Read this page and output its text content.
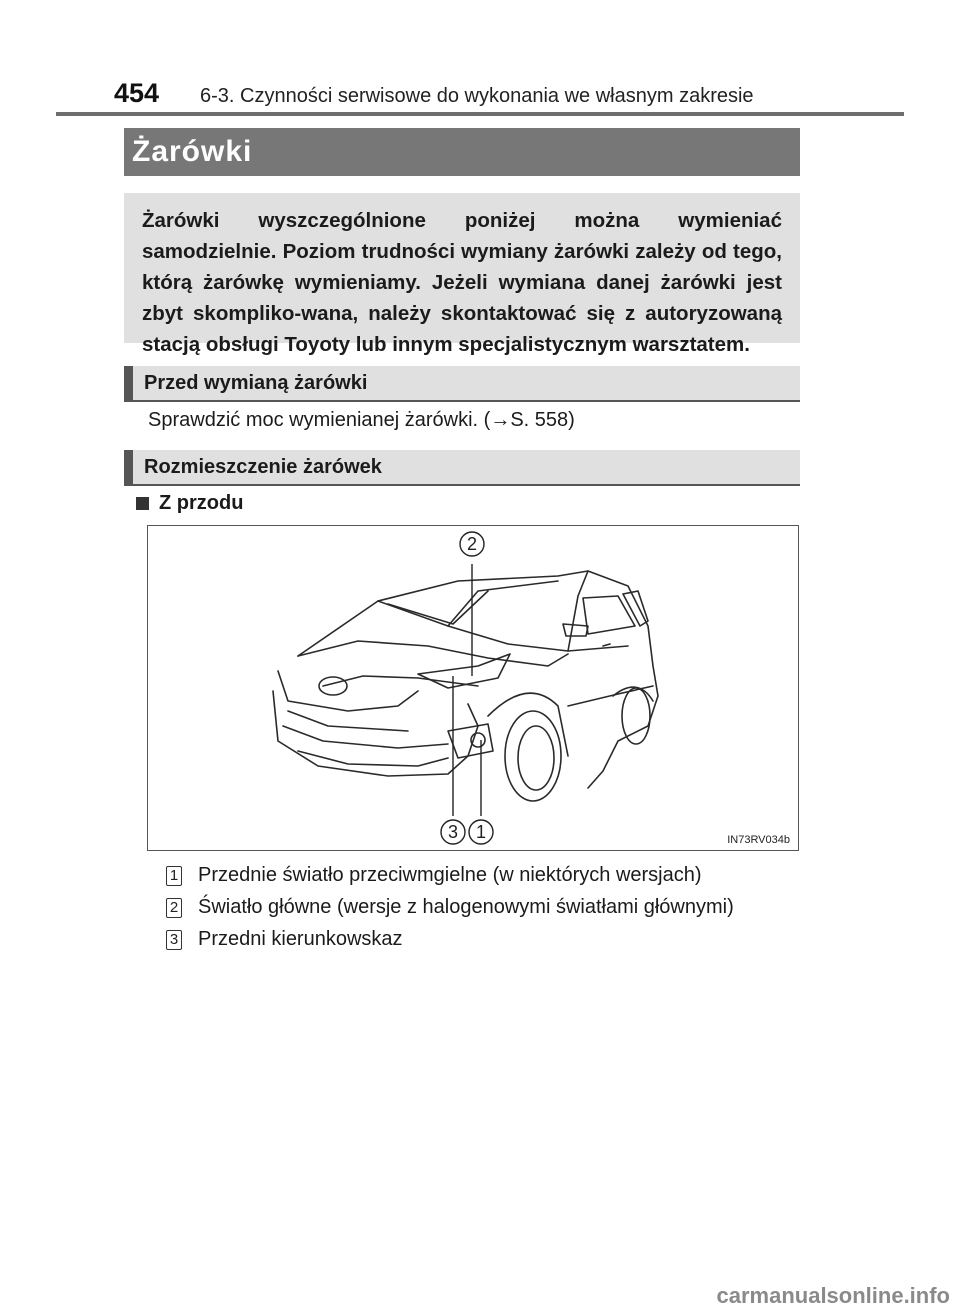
454 6-3. Czynności serwisowe do wykonania we własnym zakresie
Żarówki
Żarówki wyszczególnione poniżej można wymieniać samodzielnie. Poziom trudności wymiany żarówki zależy od tego, którą żarówkę wymieniamy. Jeżeli wymiana danej żarówki jest zbyt skompliko-wana, należy skontaktować się z autoryzowaną stacją obsługi Toyoty lub innym specjalistycznym warsztatem.
Przed wymianą żarówki
Sprawdzić moc wymienianej żarówki. (→S. 558)
Rozmieszczenie żarówek
Z przodu
2
3 1	IN73RV034b
1 Przednie światło przeciwmgielne (w niektórych wersjach)
2 Światło główne (wersje z halogenowymi światłami głównymi)
3 Przedni kierunkowskaz
carmanualsonline.info
